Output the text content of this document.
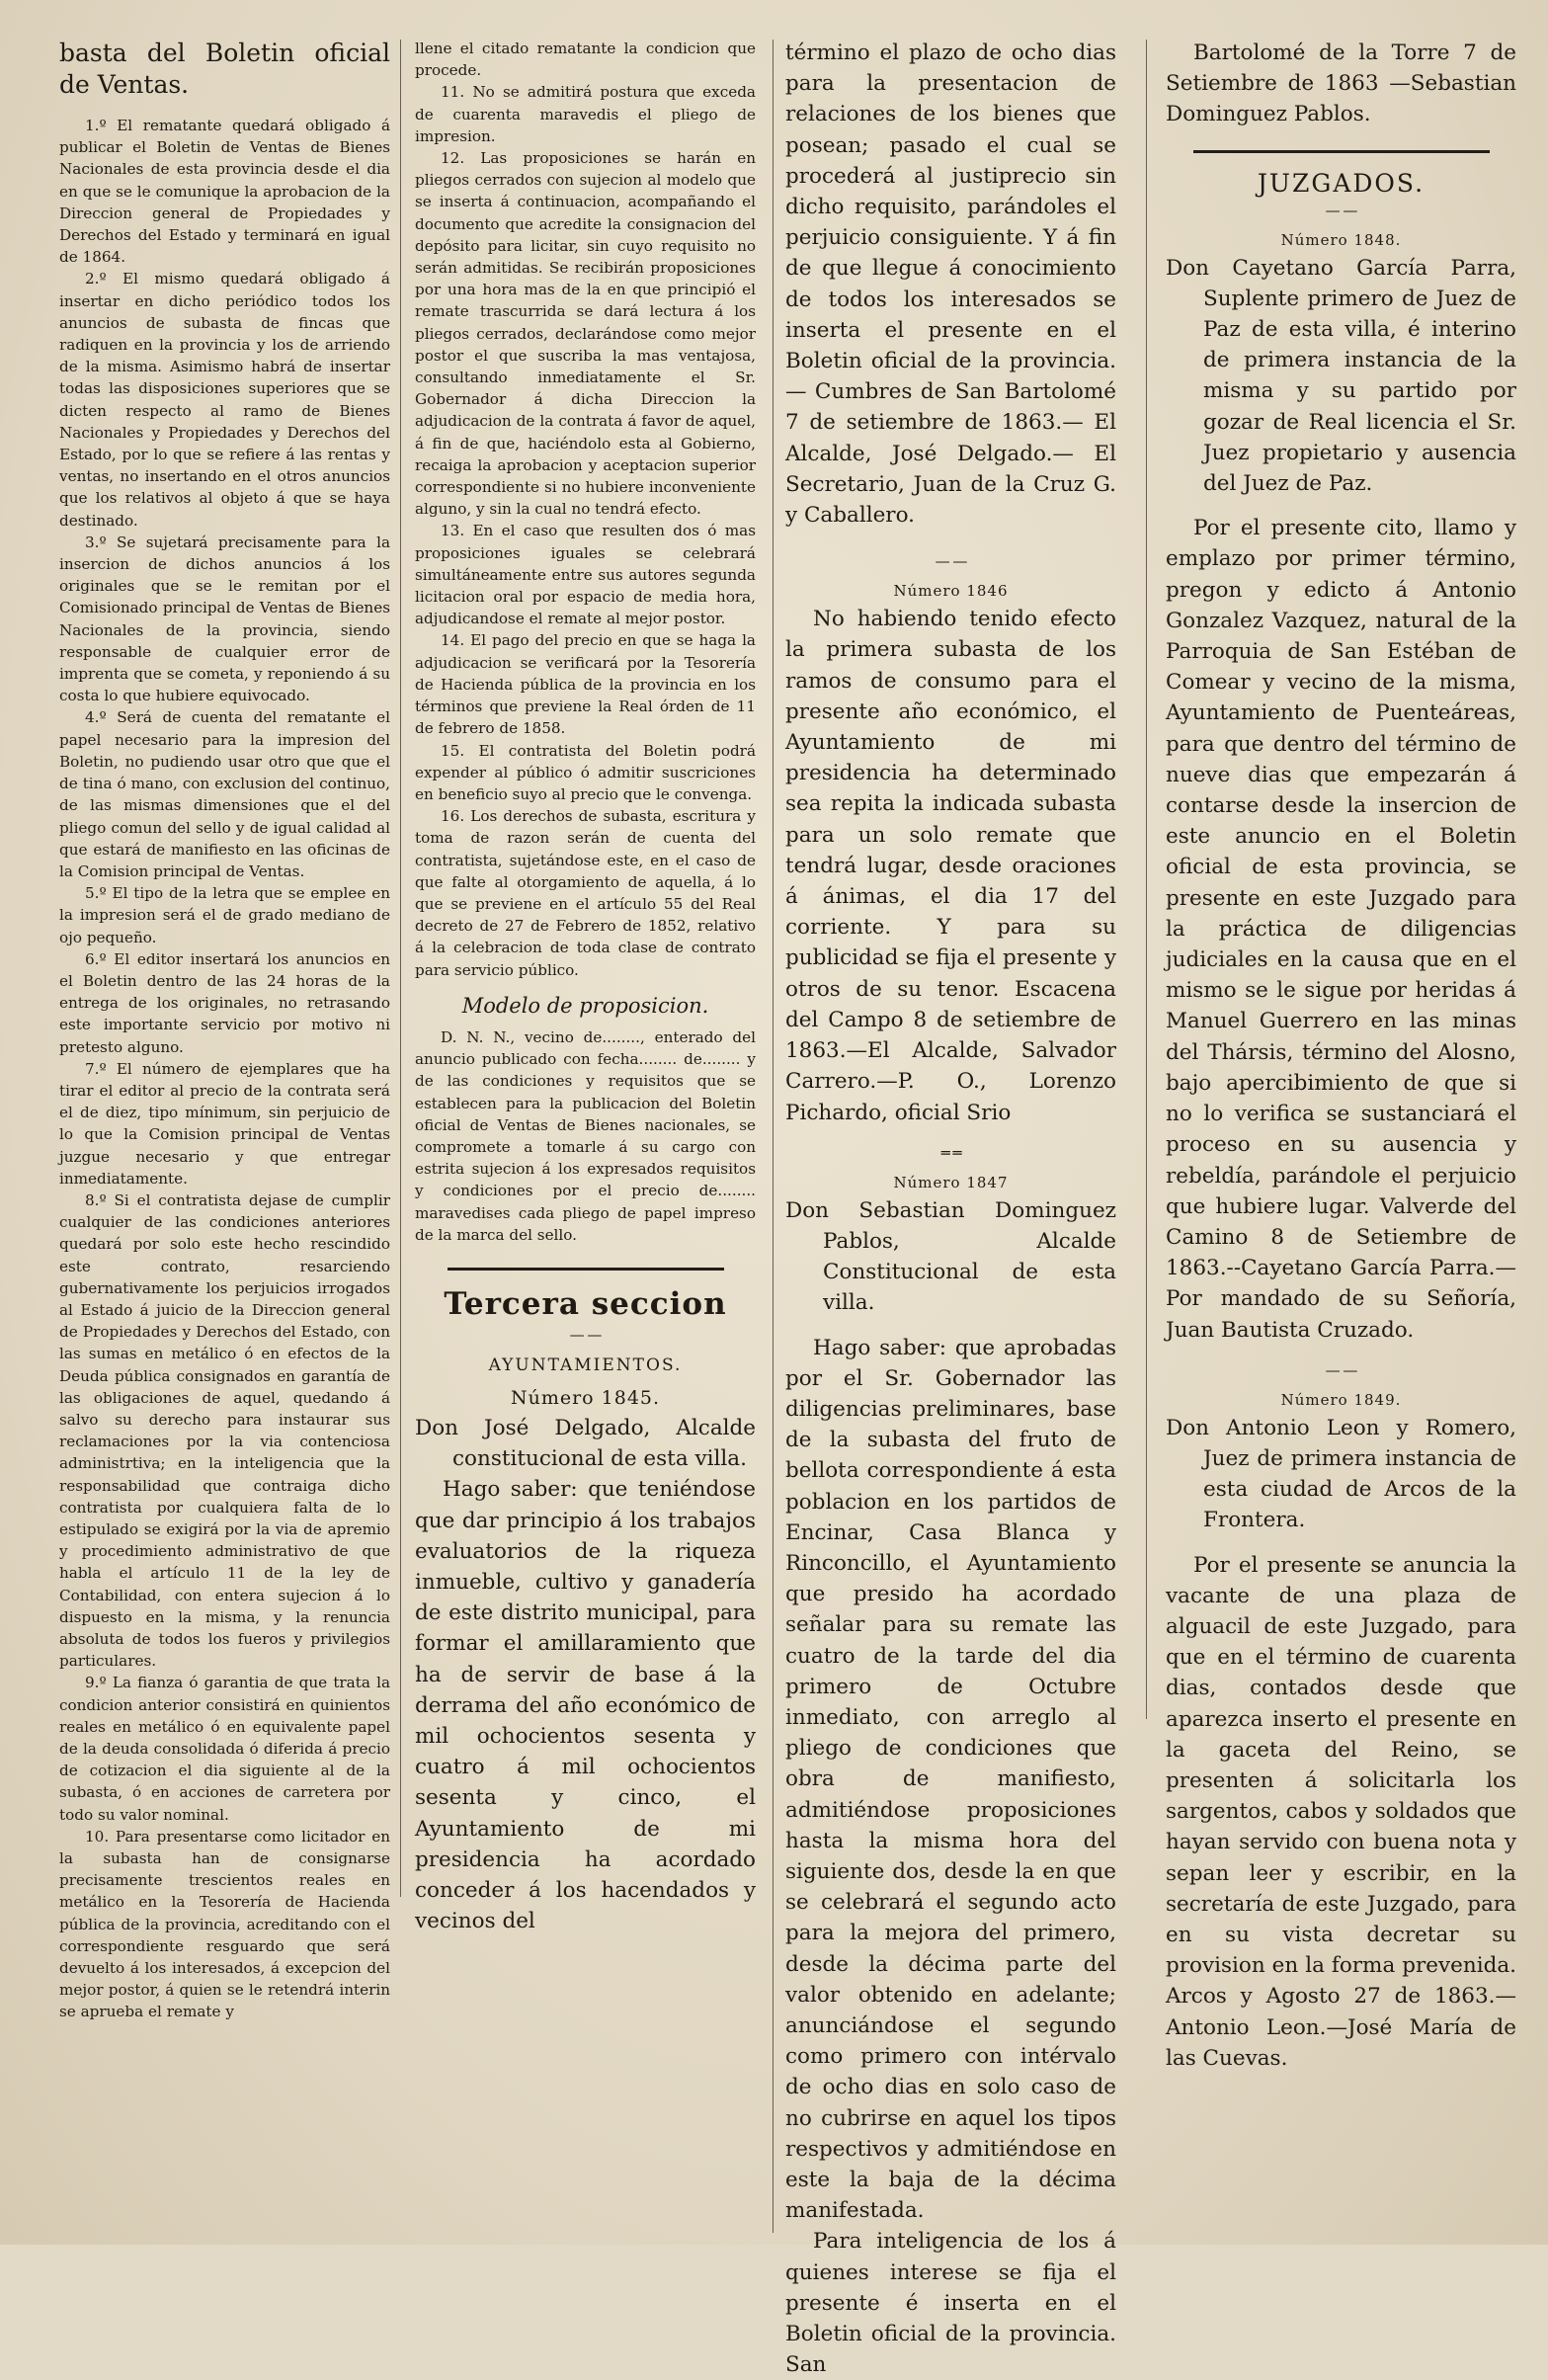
basta del Boletin oficial de Ventas.

1.º El rematante quedará obligado á publicar el Boletin de Ventas de Bienes Nacionales de esta provincia desde el dia en que se le comunique la aprobacion de la Direccion general de Propiedades y Derechos del Estado y terminará en igual de 1864.

2.º El mismo quedará obligado á insertar en dicho periódico todos los anuncios de subasta de fincas que radiquen en la provincia y los de arriendo de la misma. Asimismo habrá de insertar todas las disposiciones superiores que se dicten respecto al ramo de Bienes Nacionales y Propiedades y Derechos del Estado, por lo que se refiere á las rentas y ventas, no insertando en el otros anuncios que los relativos al objeto á que se haya destinado.

3.º Se sujetará precisamente para la insercion de dichos anuncios á los originales que se le remitan por el Comisionado principal de Ventas de Bienes Nacionales de la provincia, siendo responsable de cualquier error de imprenta que se cometa, y reponiendo á su costa lo que hubiere equivocado.

4.º Será de cuenta del rematante el papel necesario para la impresion del Boletin, no pudiendo usar otro que que el de tina ó mano, con exclusion del continuo, de las mismas dimensiones que el del pliego comun del sello y de igual calidad al que estará de manifiesto en las oficinas de la Comision principal de Ventas.

5.º El tipo de la letra que se emplee en la impresion será el de grado mediano de ojo pequeño.

6.º El editor insertará los anuncios en el Boletin dentro de las 24 horas de la entrega de los originales, no retrasando este importante servicio por motivo ni pretesto alguno.

7.º El número de ejemplares que ha tirar el editor al precio de la contrata será el de diez, tipo mínimum, sin perjuicio de lo que la Comision principal de Ventas juzgue necesario y que entregar inmediatamente.

8.º Si el contratista dejase de cumplir cualquier de las condiciones anteriores quedará por solo este hecho rescindido este contrato, resarciendo gubernativamente los perjuicios irrogados al Estado á juicio de la Direccion general de Propiedades y Derechos del Estado, con las sumas en metálico ó en efectos de la Deuda pública consignados en garantía de las obligaciones de aquel, quedando á salvo su derecho para instaurar sus reclamaciones por la via contenciosa administrtiva; en la inteligencia que la responsabilidad que contraiga dicho contratista por cualquiera falta de lo estipulado se exigirá por la via de apremio y procedimiento administrativo de que habla el artículo 11 de la ley de Contabilidad, con entera sujecion á lo dispuesto en la misma, y la renuncia absoluta de todos los fueros y privilegios particulares.

9.º La fianza ó garantia de que trata la condicion anterior consistirá en quinientos reales en metálico ó en equivalente papel de la deuda consolidada ó diferida á precio de cotizacion el dia siguiente al de la subasta, ó en acciones de carretera por todo su valor nominal.

10. Para presentarse como licitador en la subasta han de consignarse precisamente trescientos reales en metálico en la Tesorería de Hacienda pública de la provincia, acreditando con el correspondiente resguardo que será devuelto á los interesados, á excepcion del mejor postor, á quien se le retendrá interin se aprueba el remate y

llene el citado rematante la condicion que procede.

11. No se admitirá postura que exceda de cuarenta maravedis el pliego de impresion.

12. Las proposiciones se harán en pliegos cerrados con sujecion al modelo que se inserta á continuacion, acompañando el documento que acredite la consignacion del depósito para licitar, sin cuyo requisito no serán admitidas. Se recibirán proposiciones por una hora mas de la en que principió el remate trascurrida se dará lectura á los pliegos cerrados, declarándose como mejor postor el que suscriba la mas ventajosa, consultando inmediatamente el Sr. Gobernador á dicha Direccion la adjudicacion de la contrata á favor de aquel, á fin de que, haciéndolo esta al Gobierno, recaiga la aprobacion y aceptacion superior correspondiente si no hubiere inconveniente alguno, y sin la cual no tendrá efecto.

13. En el caso que resulten dos ó mas proposiciones iguales se celebrará simultáneamente entre sus autores segunda licitacion oral por espacio de media hora, adjudicandose el remate al mejor postor.

14. El pago del precio en que se haga la adjudicacion se verificará por la Tesorería de Hacienda pública de la provincia en los términos que previene la Real órden de 11 de febrero de 1858.

15. El contratista del Boletin podrá expender al público ó admitir suscriciones en beneficio suyo al precio que le convenga.

16. Los derechos de subasta, escritura y toma de razon serán de cuenta del contratista, sujetándose este, en el caso de que falte al otorgamiento de aquella, á lo que se previene en el artículo 55 del Real decreto de 27 de Febrero de 1852, relativo á la celebracion de toda clase de contrato para servicio público.

Modelo de proposicion.

D. N. N., vecino de........, enterado del anuncio publicado con fecha........ de........ y de las condiciones y requisitos que se establecen para la publicacion del Boletin oficial de Ventas de Bienes nacionales, se compromete a tomarle á su cargo con estrita sujecion á los expresados requisitos y condiciones por el precio de........ maravedises cada pliego de papel impreso de la marca del sello.

Tercera seccion
— —
AYUNTAMIENTOS.
Número 1845.

Don José Delgado, Alcalde constitucional de esta villa.

Hago saber: que teniéndose que dar principio á los trabajos evaluatorios de la riqueza inmueble, cultivo y ganadería de este distrito municipal, para formar el amillaramiento que ha de servir de base á la derrama del año económico de mil ochocientos sesenta y cuatro á mil ochocientos sesenta y cinco, el Ayuntamiento de mi presidencia ha acordado conceder á los hacendados y vecinos del

término el plazo de ocho dias para la presentacion de relaciones de los bienes que posean; pasado el cual se procederá al justiprecio sin dicho requisito, parándoles el perjuicio consiguiente. Y á fin de que llegue á conocimiento de todos los interesados se inserta el presente en el Boletin oficial de la provincia.— Cumbres de San Bartolomé 7 de setiembre de 1863.— El Alcalde, José Delgado.— El Secretario, Juan de la Cruz G. y Caballero.

— —
Número 1846

No habiendo tenido efecto la primera subasta de los ramos de consumo para el presente año económico, el Ayuntamiento de mi presidencia ha determinado sea repita la indicada subasta para un solo remate que tendrá lugar, desde oraciones á ánimas, el dia 17 del corriente. Y para su publicidad se fija el presente y otros de su tenor. Escacena del Campo 8 de setiembre de 1863.—El Alcalde, Salvador Carrero.—P. O., Lorenzo Pichardo, oficial Srio

═ ═
Número 1847

Don Sebastian Dominguez Pablos, Alcalde Constitucional de esta villa.

Hago saber: que aprobadas por el Sr. Gobernador las diligencias preliminares, base de la subasta del fruto de bellota correspondiente á esta poblacion en los partidos de Encinar, Casa Blanca y Rinconcillo, el Ayuntamiento que presido ha acordado señalar para su remate las cuatro de la tarde del dia primero de Octubre inmediato, con arreglo al pliego de condiciones que obra de manifiesto, admitiéndose proposiciones hasta la misma hora del siguiente dos, desde la en que se celebrará el segundo acto para la mejora del primero, desde la décima parte del valor obtenido en adelante; anunciándose el segundo como primero con intérvalo de ocho dias en solo caso de no cubrirse en aquel los tipos respectivos y admitiéndose en este la baja de la décima manifestada.

Para inteligencia de los á quienes interese se fija el presente é inserta en el Boletin oficial de la provincia. San

Bartolomé de la Torre 7 de Setiembre de 1863 —Sebastian Dominguez Pablos.

JUZGADOS.
— —
Número 1848.

Don Cayetano García Parra, Suplente primero de Juez de Paz de esta villa, é interino de primera instancia de la misma y su partido por gozar de Real licencia el Sr. Juez propietario y ausencia del Juez de Paz.

Por el presente cito, llamo y emplazo por primer término, pregon y edicto á Antonio Gonzalez Vazquez, natural de la Parroquia de San Estéban de Comear y vecino de la misma, Ayuntamiento de Puenteáreas, para que dentro del término de nueve dias que empezarán á contarse desde la insercion de este anuncio en el Boletin oficial de esta provincia, se presente en este Juzgado para la práctica de diligencias judiciales en la causa que en el mismo se le sigue por heridas á Manuel Guerrero en las minas del Thársis, término del Alosno, bajo apercibimiento de que si no lo verifica se sustanciará el proceso en su ausencia y rebeldía, parándole el perjuicio que hubiere lugar. Valverde del Camino 8 de Setiembre de 1863.--Cayetano García Parra.—Por mandado de su Señoría, Juan Bautista Cruzado.

— —
Número 1849.

Don Antonio Leon y Romero, Juez de primera instancia de esta ciudad de Arcos de la Frontera.

Por el presente se anuncia la vacante de una plaza de alguacil de este Juzgado, para que en el término de cuarenta dias, contados desde que aparezca inserto el presente en la gaceta del Reino, se presenten á solicitarla los sargentos, cabos y soldados que hayan servido con buena nota y sepan leer y escribir, en la secretaría de este Juzgado, para en su vista decretar su provision en la forma prevenida. Arcos y Agosto 27 de 1863.—Antonio Leon.—José María de las Cuevas.
